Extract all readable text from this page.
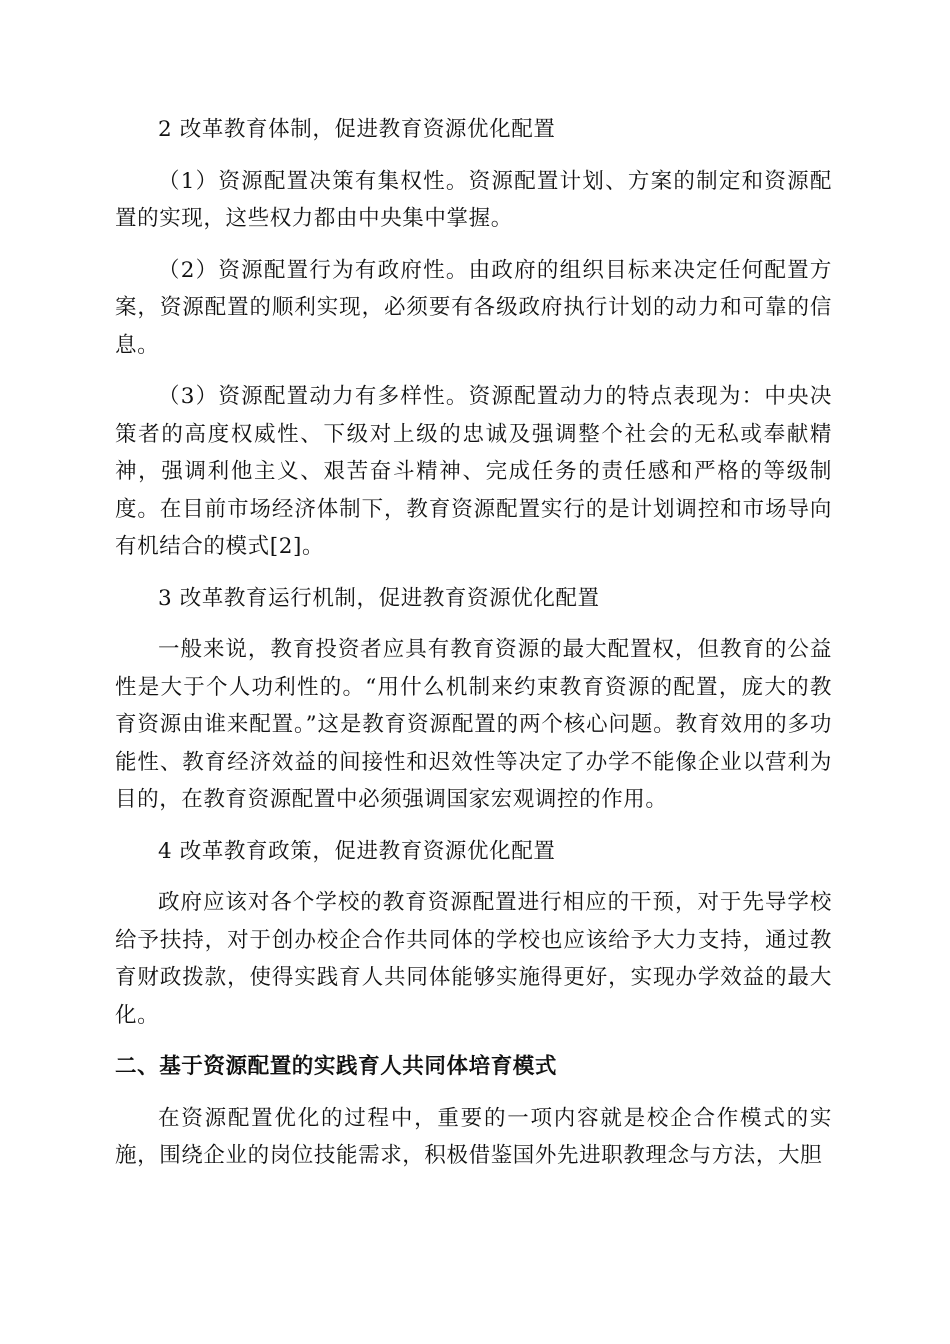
2 改革教育体制，促进教育资源优化配置

（1）资源配置决策有集权性。资源配置计划、方案的制定和资源配置的实现，这些权力都由中央集中掌握。

（2）资源配置行为有政府性。由政府的组织目标来决定任何配置方案，资源配置的顺利实现，必须要有各级政府执行计划的动力和可靠的信息。

（3）资源配置动力有多样性。资源配置动力的特点表现为：中央决策者的高度权威性、下级对上级的忠诚及强调整个社会的无私或奉献精神，强调利他主义、艰苦奋斗精神、完成任务的责任感和严格的等级制度。在目前市场经济体制下，教育资源配置实行的是计划调控和市场导向有机结合的模式[2]。

3 改革教育运行机制，促进教育资源优化配置

一般来说，教育投资者应具有教育资源的最大配置权，但教育的公益性是大于个人功利性的。“用什么机制来约束教育资源的配置，庞大的教育资源由谁来配置。”这是教育资源配置的两个核心问题。教育效用的多功能性、教育经济效益的间接性和迟效性等决定了办学不能像企业以营利为目的，在教育资源配置中必须强调国家宏观调控的作用。

4 改革教育政策，促进教育资源优化配置

政府应该对各个学校的教育资源配置进行相应的干预，对于先导学校给予扶持，对于创办校企合作共同体的学校也应该给予大力支持，通过教育财政拨款，使得实践育人共同体能够实施得更好，实现办学效益的最大化。

二、基于资源配置的实践育人共同体培育模式

在资源配置优化的过程中，重要的一项内容就是校企合作模式的实施，围绕企业的岗位技能需求，积极借鉴国外先进职教理念与方法，大胆
